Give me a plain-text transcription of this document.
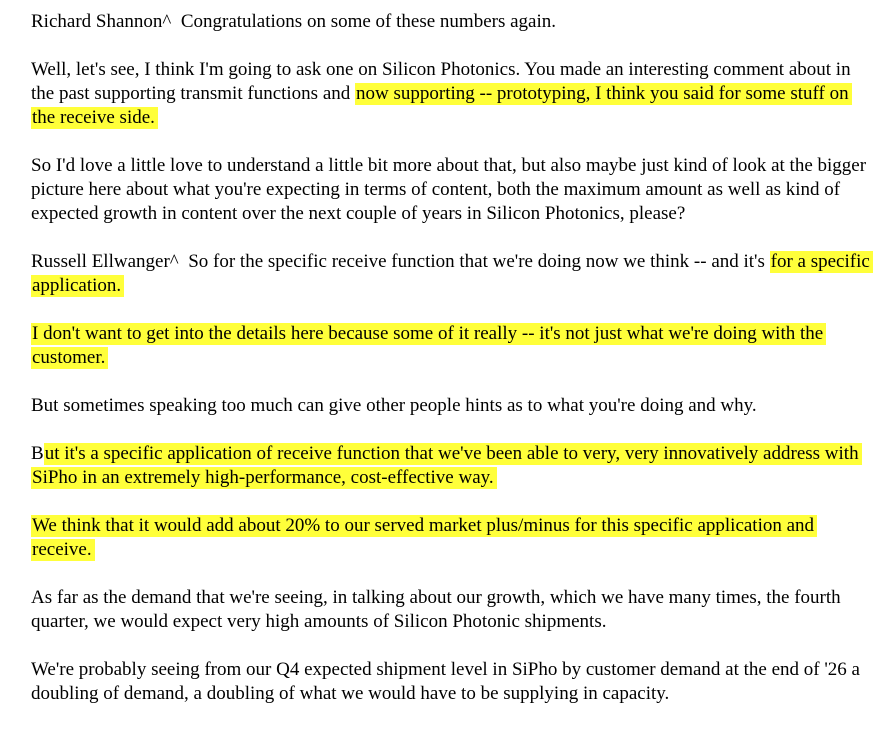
Richard Shannon^ Congratulations on some of these numbers again.

Well, let's see, I think I'm going to ask one on Silicon Photonics. You made an interesting comment about in the past supporting transmit functions and now supporting -- prototyping, I think you said for some stuff on the receive side.

So I'd love a little love to understand a little bit more about that, but also maybe just kind of look at the bigger picture here about what you're expecting in terms of content, both the maximum amount as well as kind of expected growth in content over the next couple of years in Silicon Photonics, please?

Russell Ellwanger^ So for the specific receive function that we're doing now we think -- and it's for a specific application.

I don't want to get into the details here because some of it really -- it's not just what we're doing with the customer.

But sometimes speaking too much can give other people hints as to what you're doing and why.

But it's a specific application of receive function that we've been able to very, very innovatively address with SiPho in an extremely high-performance, cost-effective way.

We think that it would add about 20% to our served market plus/minus for this specific application and receive.

As far as the demand that we're seeing, in talking about our growth, which we have many times, the fourth quarter, we would expect very high amounts of Silicon Photonic shipments.

We're probably seeing from our Q4 expected shipment level in SiPho by customer demand at the end of '26 a doubling of demand, a doubling of what we would have to be supplying in capacity.
